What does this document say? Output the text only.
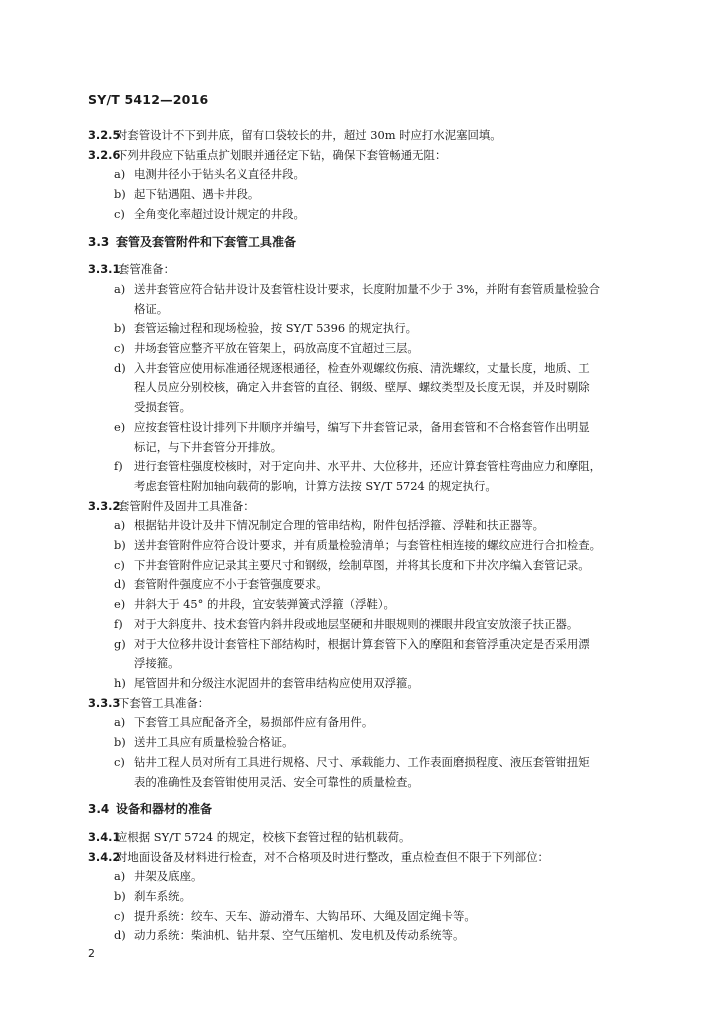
SY/T 5412—2016
3.2.5对套管设计不下到井底，留有口袋较长的井，超过 30m 时应打水泥塞回填。
3.2.6下列井段应下钻重点扩划眼并通径定下钻，确保下套管畅通无阻：
a) 电测井径小于钻头名义直径井段。
b) 起下钻遇阻、遇卡井段。
c) 全角变化率超过设计规定的井段。
3.3 套管及套管附件和下套管工具准备
3.3.1套管准备：
a) 送井套管应符合钻井设计及套管柱设计要求，长度附加量不少于 3%，并附有套管质量检验合
格证。
b) 套管运输过程和现场检验，按 SY/T 5396 的规定执行。
c) 井场套管应整齐平放在管架上，码放高度不宜超过三层。
d) 入井套管应使用标准通径规逐根通径，检查外观螺纹伤痕、清洗螺纹，丈量长度，地质、工
程人员应分别校核，确定入井套管的直径、钢级、壁厚、螺纹类型及长度无误，并及时剔除
受损套管。
e) 应按套管柱设计排列下井顺序并编号，编写下井套管记录，备用套管和不合格套管作出明显
标记，与下井套管分开排放。
f) 进行套管柱强度校核时，对于定向井、水平井、大位移井，还应计算套管柱弯曲应力和摩阻，
考虑套管柱附加轴向载荷的影响，计算方法按 SY/T 5724 的规定执行。
3.3.2套管附件及固井工具准备：
a) 根据钻井设计及井下情况制定合理的管串结构，附件包括浮箍、浮鞋和扶正器等。
b) 送井套管附件应符合设计要求，并有质量检验清单；与套管柱相连接的螺纹应进行合扣检查。
c) 下井套管附件应记录其主要尺寸和钢级，绘制草图，并将其长度和下井次序编入套管记录。
d) 套管附件强度应不小于套管强度要求。
e) 井斜大于 45° 的井段，宜安装弹簧式浮箍（浮鞋）。
f) 对于大斜度井、技术套管内斜井段或地层坚硬和井眼规则的裸眼井段宜安放滚子扶正器。
g) 对于大位移井设计套管柱下部结构时，根据计算套管下入的摩阻和套管浮重决定是否采用漂
浮接箍。
h) 尾管固井和分级注水泥固井的套管串结构应使用双浮箍。
3.3.3下套管工具准备：
a) 下套管工具应配备齐全，易损部件应有备用件。
b) 送井工具应有质量检验合格证。
c) 钻井工程人员对所有工具进行规格、尺寸、承载能力、工作表面磨损程度、液压套管钳扭矩
表的准确性及套管钳使用灵活、安全可靠性的质量检查。
3.4 设备和器材的准备
3.4.1应根据 SY/T 5724 的规定，校核下套管过程的钻机载荷。
3.4.2对地面设备及材料进行检查，对不合格项及时进行整改，重点检查但不限于下列部位：
a) 井架及底座。
b) 刹车系统。
c) 提升系统：绞车、天车、游动滑车、大钩吊环、大绳及固定绳卡等。
d) 动力系统：柴油机、钻井泵、空气压缩机、发电机及传动系统等。
2
